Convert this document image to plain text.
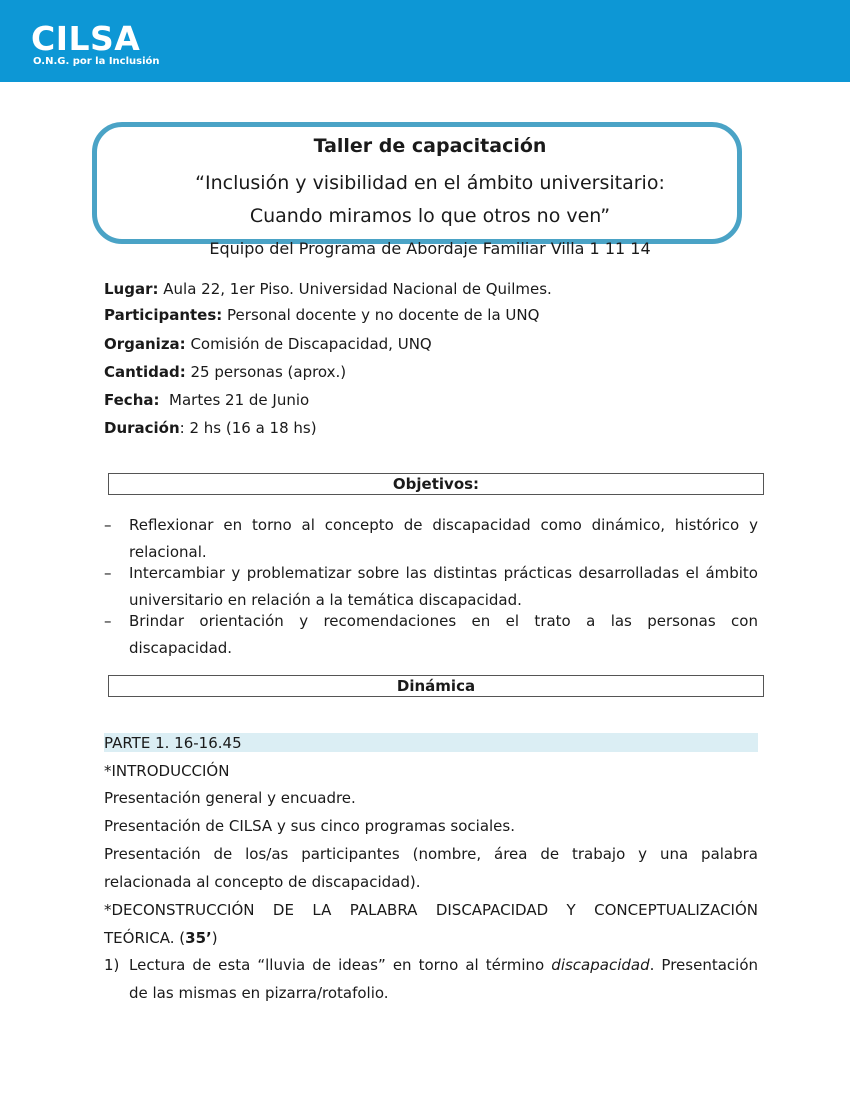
CILSA
O.N.G. por la Inclusión
Taller de capacitación
“Inclusión y visibilidad en el ámbito universitario:
Cuando miramos lo que otros no ven”
Equipo del Programa de Abordaje Familiar Villa 1 11 14
Lugar: Aula 22, 1er Piso. Universidad Nacional de Quilmes.
Participantes: Personal docente y no docente de la UNQ
Organiza: Comisión de Discapacidad, UNQ
Cantidad: 25 personas (aprox.)
Fecha:  Martes 21 de Junio
Duración: 2 hs (16 a 18 hs)
Objetivos:
– Reflexionar en torno al concepto de discapacidad como dinámico, histórico y
relacional.
– Intercambiar y problematizar sobre las distintas prácticas desarrolladas el ámbito
universitario en relación a la temática discapacidad.
– Brindar orientación y recomendaciones en el trato a las personas con
discapacidad.
Dinámica
PARTE 1. 16-16.45
*INTRODUCCIÓN
Presentación general y encuadre.
Presentación de CILSA y sus cinco programas sociales.
Presentación de los/as participantes (nombre, área de trabajo y una palabra
relacionada al concepto de discapacidad).
*DECONSTRUCCIÓN DE LA PALABRA DISCAPACIDAD Y CONCEPTUALIZACIÓN
TEÓRICA. (35’)
1) Lectura de esta “lluvia de ideas” en torno al término discapacidad. Presentación
de las mismas en pizarra/rotafolio.
